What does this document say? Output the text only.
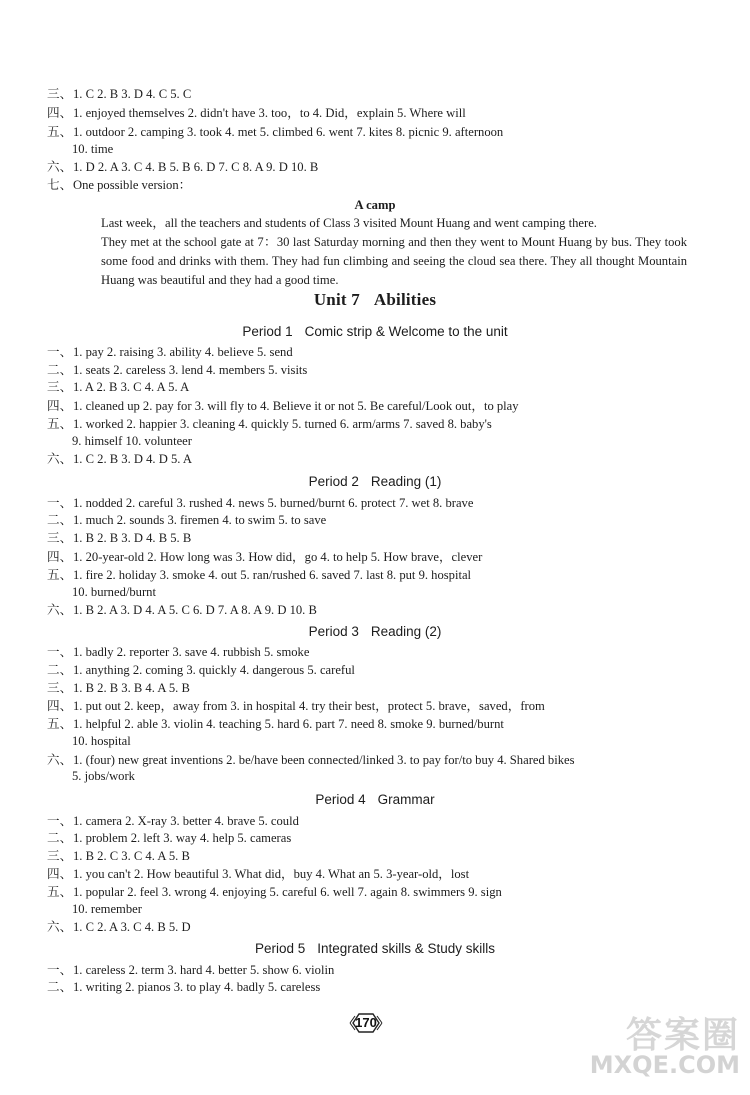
三、1. C 2. B 3. D 4. C 5. C
四、1. enjoyed themselves 2. didn't have 3. too，to 4. Did，explain 5. Where will
五、1. outdoor 2. camping 3. took 4. met 5. climbed 6. went 7. kites 8. picnic 9. afternoon
10. time
六、1. D 2. A 3. C 4. B 5. B 6. D 7. C 8. A 9. D 10. B
七、One possible version：
A camp
Last week，all the teachers and students of Class 3 visited Mount Huang and went camping there.
They met at the school gate at 7：30 last Saturday morning and then they went to Mount Huang by bus. They took some food and drinks with them. They had fun climbing and seeing the cloud sea there. They all thought Mountain Huang was beautiful and they had a good time.
Unit 7 Abilities
Period 1 Comic strip & Welcome to the unit
一、1. pay 2. raising 3. ability 4. believe 5. send
二、1. seats 2. careless 3. lend 4. members 5. visits
三、1. A 2. B 3. C 4. A 5. A
四、1. cleaned up 2. pay for 3. will fly to 4. Believe it or not 5. Be careful/Look out，to play
五、1. worked 2. happier 3. cleaning 4. quickly 5. turned 6. arm/arms 7. saved 8. baby's
9. himself 10. volunteer
六、1. C 2. B 3. D 4. D 5. A
Period 2 Reading (1)
一、1. nodded 2. careful 3. rushed 4. news 5. burned/burnt 6. protect 7. wet 8. brave
二、1. much 2. sounds 3. firemen 4. to swim 5. to save
三、1. B 2. B 3. D 4. B 5. B
四、1. 20-year-old 2. How long was 3. How did，go 4. to help 5. How brave，clever
五、1. fire 2. holiday 3. smoke 4. out 5. ran/rushed 6. saved 7. last 8. put 9. hospital
10. burned/burnt
六、1. B 2. A 3. D 4. A 5. C 6. D 7. A 8. A 9. D 10. B
Period 3 Reading (2)
一、1. badly 2. reporter 3. save 4. rubbish 5. smoke
二、1. anything 2. coming 3. quickly 4. dangerous 5. careful
三、1. B 2. B 3. B 4. A 5. B
四、1. put out 2. keep，away from 3. in hospital 4. try their best，protect 5. brave，saved，from
五、1. helpful 2. able 3. violin 4. teaching 5. hard 6. part 7. need 8. smoke 9. burned/burnt
10. hospital
六、1. (four) new great inventions 2. be/have been connected/linked 3. to pay for/to buy 4. Shared bikes
5. jobs/work
Period 4 Grammar
一、1. camera 2. X-ray 3. better 4. brave 5. could
二、1. problem 2. left 3. way 4. help 5. cameras
三、1. B 2. C 3. C 4. A 5. B
四、1. you can't 2. How beautiful 3. What did，buy 4. What an 5. 3-year-old，lost
五、1. popular 2. feel 3. wrong 4. enjoying 5. careful 6. well 7. again 8. swimmers 9. sign
10. remember
六、1. C 2. A 3. C 4. B 5. D
Period 5 Integrated skills & Study skills
一、1. careless 2. term 3. hard 4. better 5. show 6. violin
二、1. writing 2. pianos 3. to play 4. badly 5. careless
170	答案圈
MXQE.COM
